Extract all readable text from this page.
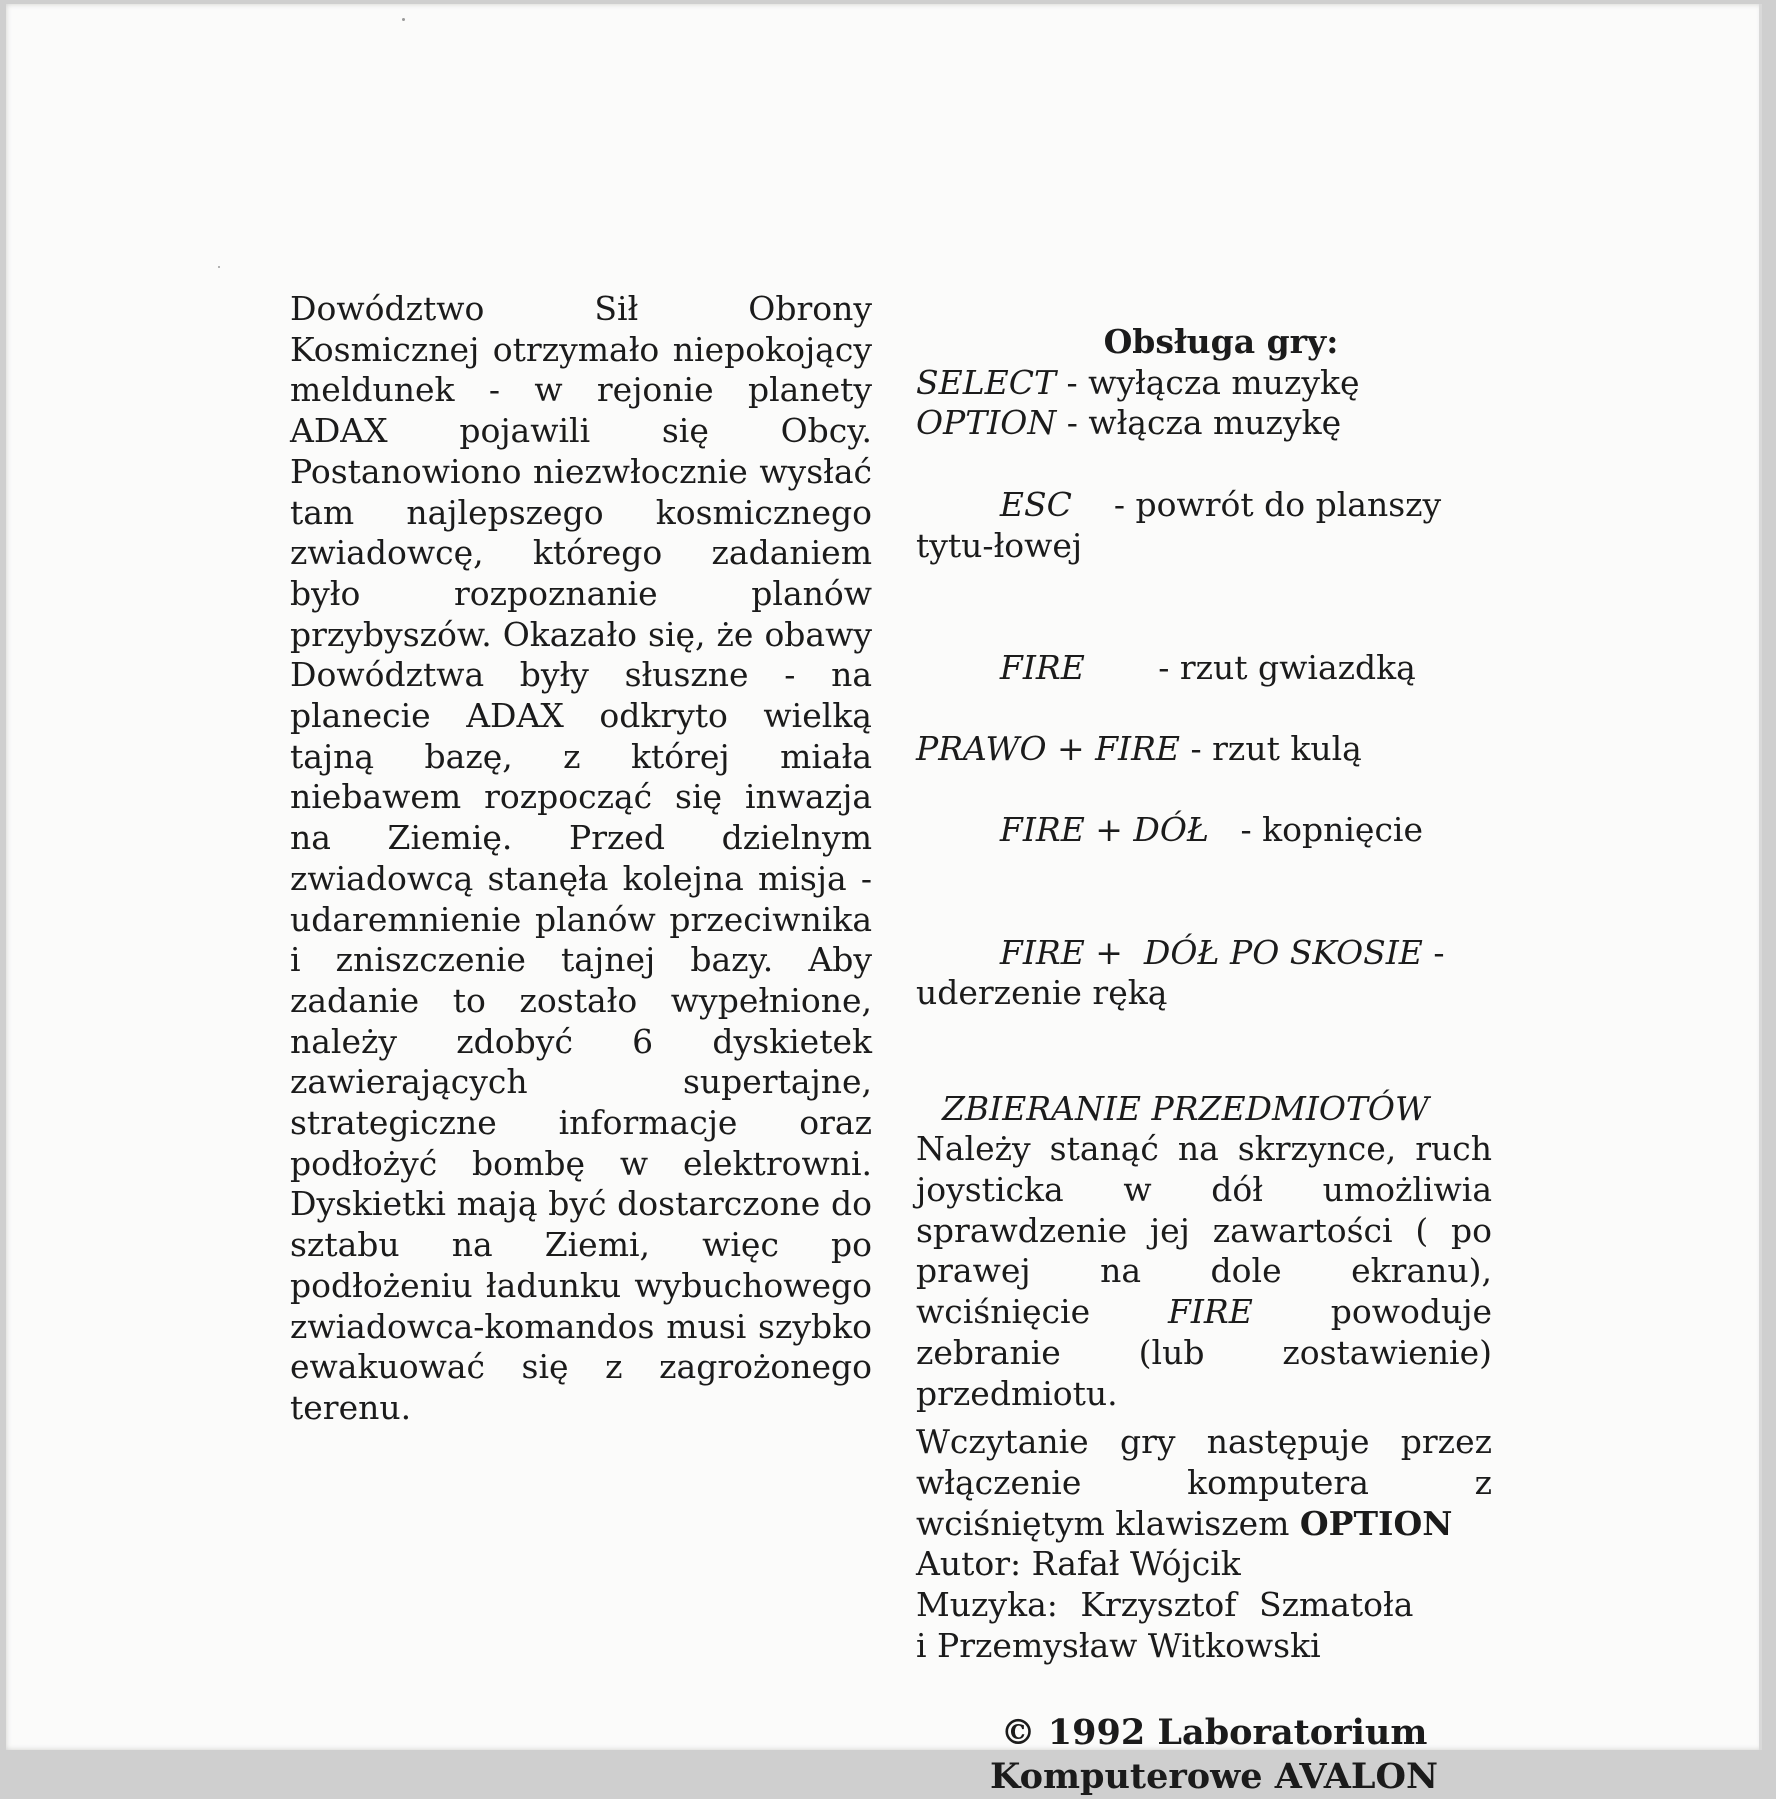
Dowództwo Sił Obrony Kosmicznej otrzymało niepokojący meldunek - w rejonie planety ADAX pojawili się Obcy. Postanowiono niezwłocznie wysłać tam najlepszego kosmicznego zwiadowcę, którego zadaniem było rozpoznanie planów przybyszów. Okazało się, że obawy Dowództwa były słuszne - na planecie ADAX odkryto wielką tajną bazę, z której miała niebawem rozpocząć się inwazja na Ziemię. Przed dzielnym zwiadowcą stanęła kolejna misja - udaremnienie planów przeciwnika i zniszczenie tajnej bazy. Aby zadanie to zostało wypełnione, należy zdobyć 6 dyskietek zawierających supertajne, strategiczne informacje oraz podłożyć bombę w elektrowni. Dyskietki mają być dostarczone do sztabu na Ziemi, więc po podłożeniu ładunku wybuchowego zwiadowca-komandos musi szybko ewakuować się z zagrożonego terenu.

Obsługa gry:
SELECT - wyłącza muzykę
OPTION - włącza muzykę

ESC    - powrót do planszy tytu-łowej

FIRE       - rzut gwiazdką

PRAWO + FIRE - rzut kulą

FIRE + DÓŁ   - kopnięcie

FIRE +  DÓŁ PO SKOSIE - uderzenie ręką

ZBIERANIE PRZEDMIOTÓW

Należy stanąć na skrzynce, ruch joysticka w dół umożliwia sprawdzenie jej zawartości ( po prawej na dole ekranu), wciśnięcie FIRE powoduje zebranie (lub zostawienie) przedmiotu.

Wczytanie gry następuje przez włączenie komputera z wciśniętym klawiszem OPTION

Autor: Rafał Wójcik
Muzyka: Krzysztof Szmatoła
i Przemysław Witkowski
© 1992 Laboratorium
Komputerowe AVALON
